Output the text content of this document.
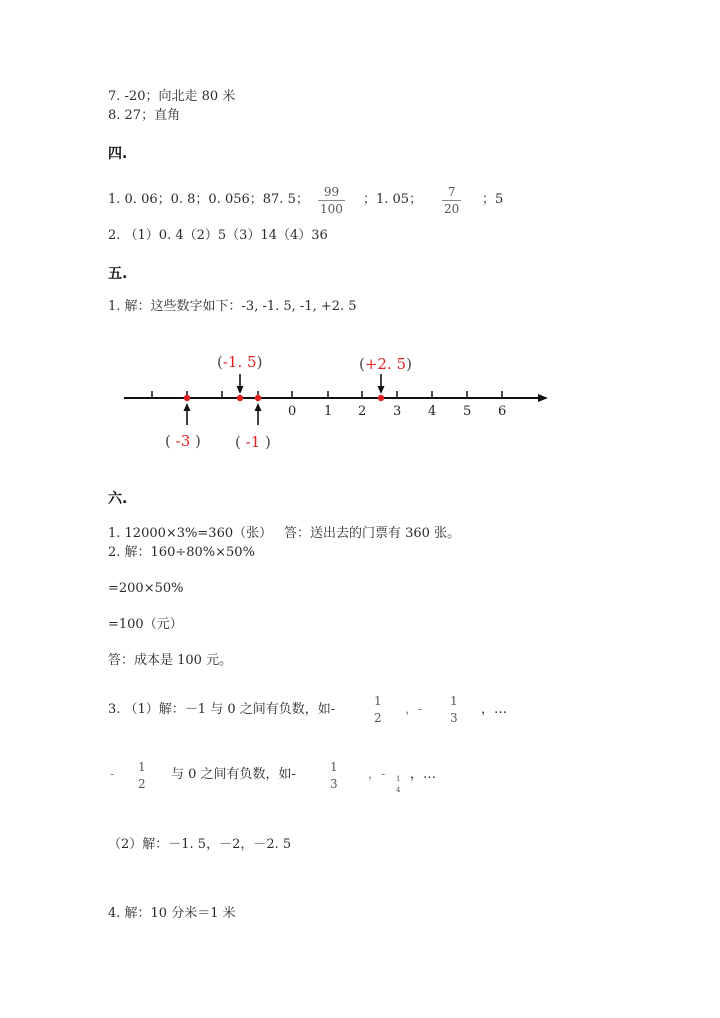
7. -20；向北走 80 米
8. 27；直角
四.
1. 0. 06；0. 8；0. 056；87. 5； 99
100
；1. 05； 7
20
；5
2. （1）0. 4（2）5（3）14（4）36
五.
1. 解：这些数字如下：-3, -1. 5, -1, +2. 5
0 1 2 3 4 5 6
(-1. 5)	(+2. 5)
( -3 ) ( -1 )
六.
1. 12000×3%=360（张） 答：送出去的门票有 360 张。
2. 解：160÷80%×50%
=200×50%
=100（元）
答：成本是 100 元。
3. （1）解：－1 与 0 之间有负数，如-
1
2
，-
1
3
，…
- 1
2
与 0 之间有负数，如-	1
3
，- 1
4
，…
（2）解：－1. 5，－2，－2. 5
4. 解：10 分米＝1 米
